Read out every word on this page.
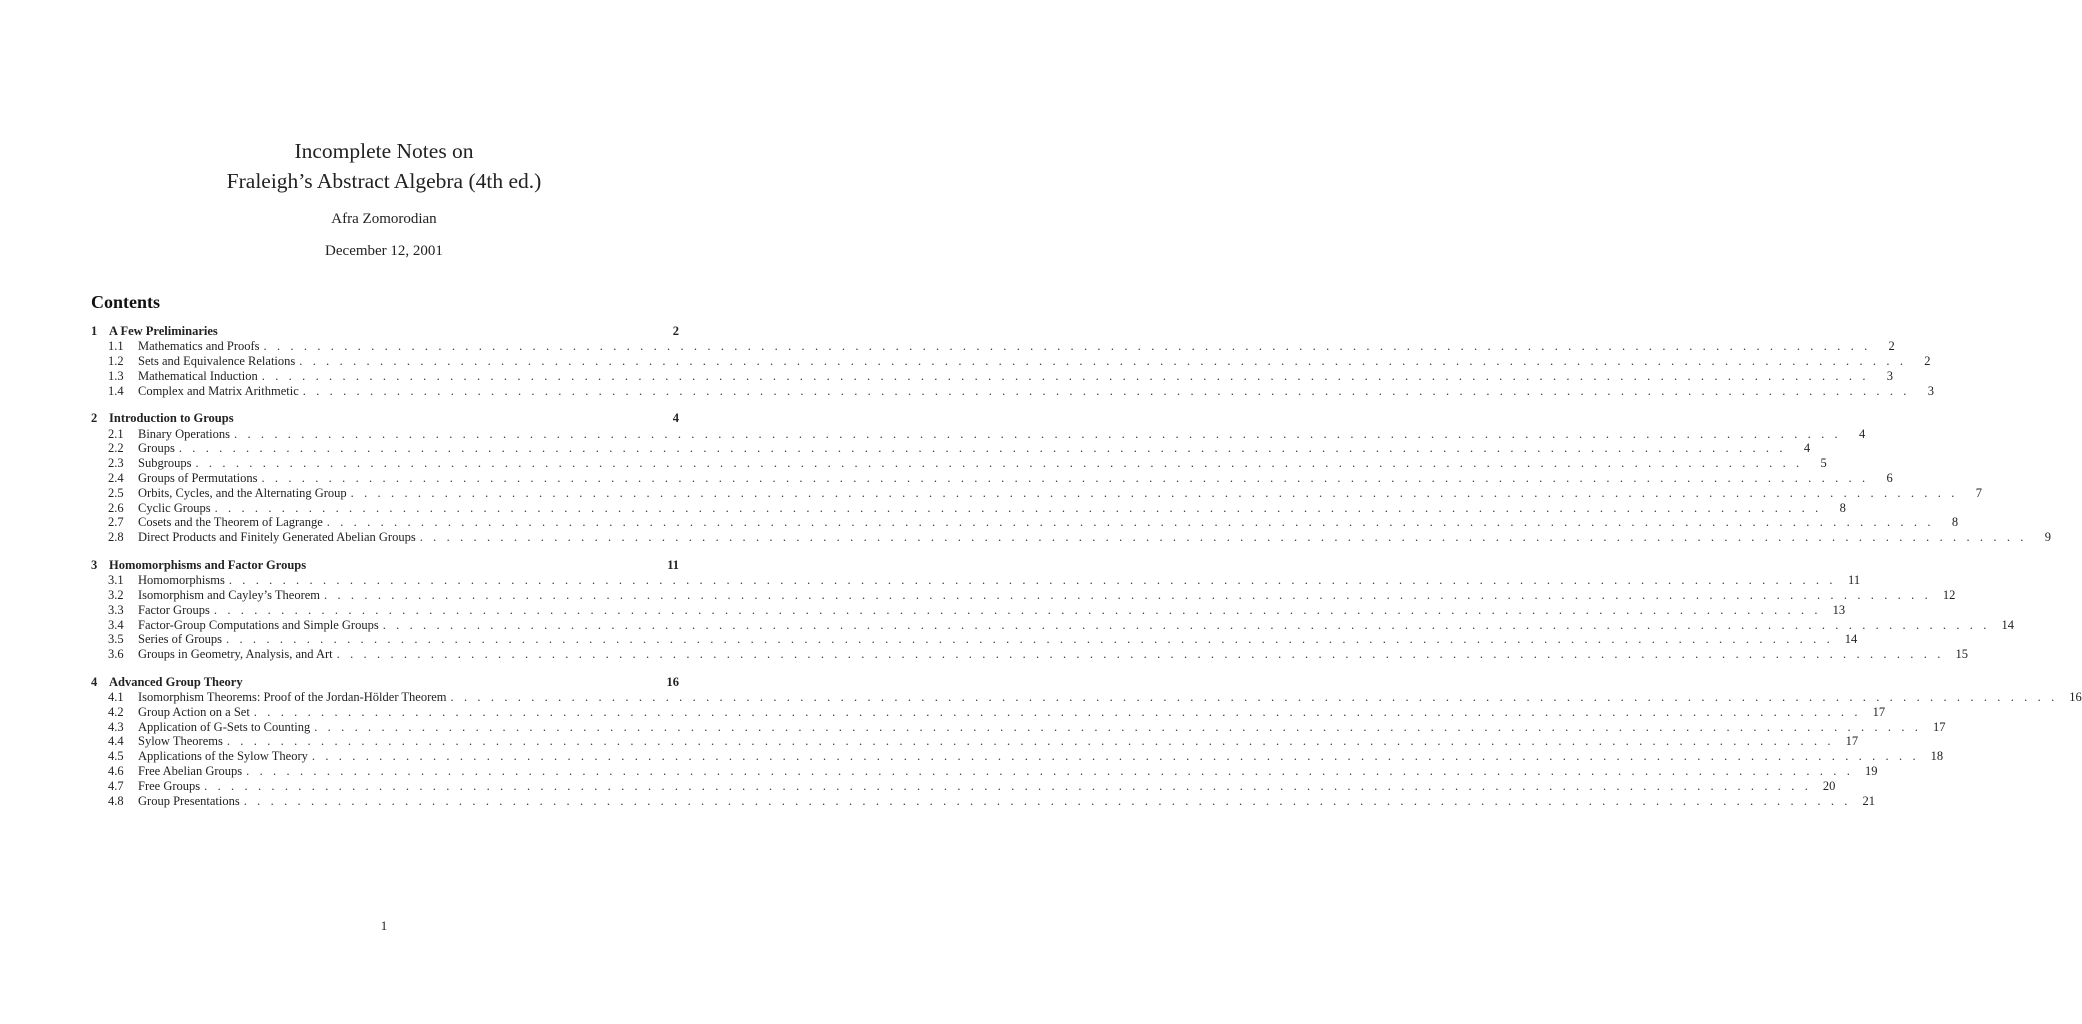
Incomplete Notes on
Fraleigh’s Abstract Algebra (4th ed.)
Afra Zomorodian
December 12, 2001
Contents
1 A Few Preliminaries	2
1.1	Mathematics and Proofs . . . . . . . . . . . . . . . . . . . . . . . . . . . . . . . . . . . . . . . . . . . . . . . . . . . . . . . . . . . . . . . . . . . . . . . . . . . . . . . . . . . . . . . . . . . . . . . . . . . . . . . . . . . . . . . . . . . . . . . .	2
1.2	Sets and Equivalence Relations . . . . . . . . . . . . . . . . . . . . . . . . . . . . . . . . . . . . . . . . . . . . . . . . . . . . . . . . . . . . . . . . . . . . . . . . . . . . . . . . . . . . . . . . . . . . . . . . . . . . . . . . . . . . . . . . . . . . . . . .	2
1.3	Mathematical Induction . . . . . . . . . . . . . . . . . . . . . . . . . . . . . . . . . . . . . . . . . . . . . . . . . . . . . . . . . . . . . . . . . . . . . . . . . . . . . . . . . . . . . . . . . . . . . . . . . . . . . . . . . . . . . . . . . . . . . . . .	3
1.4	Complex and Matrix Arithmetic . . . . . . . . . . . . . . . . . . . . . . . . . . . . . . . . . . . . . . . . . . . . . . . . . . . . . . . . . . . . . . . . . . . . . . . . . . . . . . . . . . . . . . . . . . . . . . . . . . . . . . . . . . . . . . . . . . . . . . . .	3
2 Introduction to Groups	4
2.1	Binary Operations . . . . . . . . . . . . . . . . . . . . . . . . . . . . . . . . . . . . . . . . . . . . . . . . . . . . . . . . . . . . . . . . . . . . . . . . . . . . . . . . . . . . . . . . . . . . . . . . . . . . . . . . . . . . . . . . . . . . . . . .	4
2.2	Groups . . . . . . . . . . . . . . . . . . . . . . . . . . . . . . . . . . . . . . . . . . . . . . . . . . . . . . . . . . . . . . . . . . . . . . . . . . . . . . . . . . . . . . . . . . . . . . . . . . . . . . . . . . . . . . . . . . . . . . . .	4
2.3	Subgroups . . . . . . . . . . . . . . . . . . . . . . . . . . . . . . . . . . . . . . . . . . . . . . . . . . . . . . . . . . . . . . . . . . . . . . . . . . . . . . . . . . . . . . . . . . . . . . . . . . . . . . . . . . . . . . . . . . . . . . . .	5
2.4	Groups of Permutations . . . . . . . . . . . . . . . . . . . . . . . . . . . . . . . . . . . . . . . . . . . . . . . . . . . . . . . . . . . . . . . . . . . . . . . . . . . . . . . . . . . . . . . . . . . . . . . . . . . . . . . . . . . . . . . . . . . . . . . .	6
2.5	Orbits, Cycles, and the Alternating Group . . . . . . . . . . . . . . . . . . . . . . . . . . . . . . . . . . . . . . . . . . . . . . . . . . . . . . . . . . . . . . . . . . . . . . . . . . . . . . . . . . . . . . . . . . . . . . . . . . . . . . . . . . . . . . . . . . . . . . . .	7
2.6	Cyclic Groups . . . . . . . . . . . . . . . . . . . . . . . . . . . . . . . . . . . . . . . . . . . . . . . . . . . . . . . . . . . . . . . . . . . . . . . . . . . . . . . . . . . . . . . . . . . . . . . . . . . . . . . . . . . . . . . . . . . . . . . .	8
2.7	Cosets and the Theorem of Lagrange . . . . . . . . . . . . . . . . . . . . . . . . . . . . . . . . . . . . . . . . . . . . . . . . . . . . . . . . . . . . . . . . . . . . . . . . . . . . . . . . . . . . . . . . . . . . . . . . . . . . . . . . . . . . . . . . . . . . . . . .	8
2.8	Direct Products and Finitely Generated Abelian Groups . . . . . . . . . . . . . . . . . . . . . . . . . . . . . . . . . . . . . . . . . . . . . . . . . . . . . . . . . . . . . . . . . . . . . . . . . . . . . . . . . . . . . . . . . . . . . . . . . . . . . . . . . . . . . . . . . . . . . . . .	9
3 Homomorphisms and Factor Groups	11
3.1	Homomorphisms . . . . . . . . . . . . . . . . . . . . . . . . . . . . . . . . . . . . . . . . . . . . . . . . . . . . . . . . . . . . . . . . . . . . . . . . . . . . . . . . . . . . . . . . . . . . . . . . . . . . . . . . . . . . . . . . . . . . . . . . 11
3.2	Isomorphism and Cayley’s Theorem . . . . . . . . . . . . . . . . . . . . . . . . . . . . . . . . . . . . . . . . . . . . . . . . . . . . . . . . . . . . . . . . . . . . . . . . . . . . . . . . . . . . . . . . . . . . . . . . . . . . . . . . . . . . . . . . . . . . . . . . 12
3.3	Factor Groups . . . . . . . . . . . . . . . . . . . . . . . . . . . . . . . . . . . . . . . . . . . . . . . . . . . . . . . . . . . . . . . . . . . . . . . . . . . . . . . . . . . . . . . . . . . . . . . . . . . . . . . . . . . . . . . . . . . . . . . . 13
3.4	Factor-Group Computations and Simple Groups . . . . . . . . . . . . . . . . . . . . . . . . . . . . . . . . . . . . . . . . . . . . . . . . . . . . . . . . . . . . . . . . . . . . . . . . . . . . . . . . . . . . . . . . . . . . . . . . . . . . . . . . . . . . . . . . . . . . . . . . 14
3.5	Series of Groups . . . . . . . . . . . . . . . . . . . . . . . . . . . . . . . . . . . . . . . . . . . . . . . . . . . . . . . . . . . . . . . . . . . . . . . . . . . . . . . . . . . . . . . . . . . . . . . . . . . . . . . . . . . . . . . . . . . . . . . . 14
3.6	Groups in Geometry, Analysis, and Art . . . . . . . . . . . . . . . . . . . . . . . . . . . . . . . . . . . . . . . . . . . . . . . . . . . . . . . . . . . . . . . . . . . . . . . . . . . . . . . . . . . . . . . . . . . . . . . . . . . . . . . . . . . . . . . . . . . . . . . . 15
4 Advanced Group Theory	16
4.1	Isomorphism Theorems: Proof of the Jordan-Hölder Theorem . . . . . . . . . . . . . . . . . . . . . . . . . . . . . . . . . . . . . . . . . . . . . . . . . . . . . . . . . . . . . . . . . . . . . . . . . . . . . . . . . . . . . . . . . . . . . . . . . . . . . . . . . . . . . . . . . . . . . . . . 16
4.2	Group Action on a Set . . . . . . . . . . . . . . . . . . . . . . . . . . . . . . . . . . . . . . . . . . . . . . . . . . . . . . . . . . . . . . . . . . . . . . . . . . . . . . . . . . . . . . . . . . . . . . . . . . . . . . . . . . . . . . . . . . . . . . . . 17
4.3	Application of G-Sets to Counting . . . . . . . . . . . . . . . . . . . . . . . . . . . . . . . . . . . . . . . . . . . . . . . . . . . . . . . . . . . . . . . . . . . . . . . . . . . . . . . . . . . . . . . . . . . . . . . . . . . . . . . . . . . . . . . . . . . . . . . . 17
4.4	Sylow Theorems . . . . . . . . . . . . . . . . . . . . . . . . . . . . . . . . . . . . . . . . . . . . . . . . . . . . . . . . . . . . . . . . . . . . . . . . . . . . . . . . . . . . . . . . . . . . . . . . . . . . . . . . . . . . . . . . . . . . . . . . 17
4.5	Applications of the Sylow Theory . . . . . . . . . . . . . . . . . . . . . . . . . . . . . . . . . . . . . . . . . . . . . . . . . . . . . . . . . . . . . . . . . . . . . . . . . . . . . . . . . . . . . . . . . . . . . . . . . . . . . . . . . . . . . . . . . . . . . . . . 18
4.6	Free Abelian Groups . . . . . . . . . . . . . . . . . . . . . . . . . . . . . . . . . . . . . . . . . . . . . . . . . . . . . . . . . . . . . . . . . . . . . . . . . . . . . . . . . . . . . . . . . . . . . . . . . . . . . . . . . . . . . . . . . . . . . . . . 19
4.7	Free Groups . . . . . . . . . . . . . . . . . . . . . . . . . . . . . . . . . . . . . . . . . . . . . . . . . . . . . . . . . . . . . . . . . . . . . . . . . . . . . . . . . . . . . . . . . . . . . . . . . . . . . . . . . . . . . . . . . . . . . . . . 20
4.8	Group Presentations . . . . . . . . . . . . . . . . . . . . . . . . . . . . . . . . . . . . . . . . . . . . . . . . . . . . . . . . . . . . . . . . . . . . . . . . . . . . . . . . . . . . . . . . . . . . . . . . . . . . . . . . . . . . . . . . . . . . . . . . 21
1
